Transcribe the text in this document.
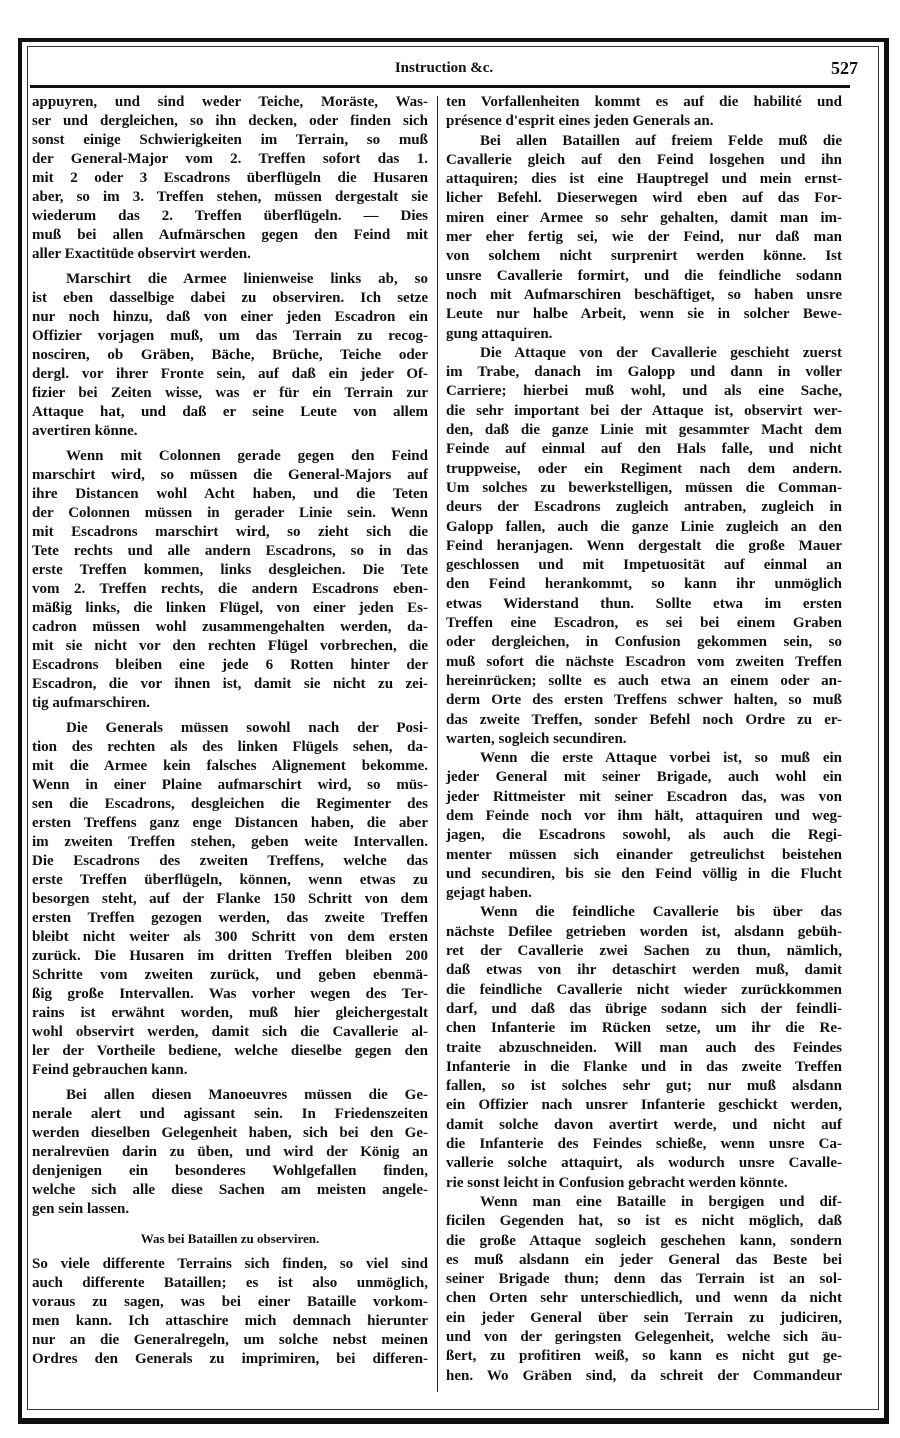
Instruction &c.	527
appuyren, und sind weder Teiche, Moräste, Was-
ser und dergleichen, so ihn decken, oder finden sich
sonst einige Schwierigkeiten im Terrain, so muß
der General-Major vom 2. Treffen sofort das 1.
mit 2 oder 3 Escadrons überflügeln die Husaren
aber, so im 3. Treffen stehen, müssen dergestalt sie
wiederum das 2. Treffen überflügeln. — Dies
muß bei allen Aufmärschen gegen den Feind mit
aller Exactitüde observirt werden.
Marschirt die Armee linienweise links ab, so
ist eben dasselbige dabei zu observiren. Ich setze
nur noch hinzu, daß von einer jeden Escadron ein
Offizier vorjagen muß, um das Terrain zu recog-
nosciren, ob Gräben, Bäche, Brüche, Teiche oder
dergl. vor ihrer Fronte sein, auf daß ein jeder Of-
fizier bei Zeiten wisse, was er für ein Terrain zur
Attaque hat, und daß er seine Leute von allem
avertiren könne.
Wenn mit Colonnen gerade gegen den Feind
marschirt wird, so müssen die General-Majors auf
ihre Distancen wohl Acht haben, und die Teten
der Colonnen müssen in gerader Linie sein. Wenn
mit Escadrons marschirt wird, so zieht sich die
Tete rechts und alle andern Escadrons, so in das
erste Treffen kommen, links desgleichen. Die Tete
vom 2. Treffen rechts, die andern Escadrons eben-
mäßig links, die linken Flügel, von einer jeden Es-
cadron müssen wohl zusammengehalten werden, da-
mit sie nicht vor den rechten Flügel vorbrechen, die
Escadrons bleiben eine jede 6 Rotten hinter der
Escadron, die vor ihnen ist, damit sie nicht zu zei-
tig aufmarschiren.
Die Generals müssen sowohl nach der Posi-
tion des rechten als des linken Flügels sehen, da-
mit die Armee kein falsches Alignement bekomme.
Wenn in einer Plaine aufmarschirt wird, so müs-
sen die Escadrons, desgleichen die Regimenter des
ersten Treffens ganz enge Distancen haben, die aber
im zweiten Treffen stehen, geben weite Intervallen.
Die Escadrons des zweiten Treffens, welche das
erste Treffen überflügeln, können, wenn etwas zu
besorgen steht, auf der Flanke 150 Schritt von dem
ersten Treffen gezogen werden, das zweite Treffen
bleibt nicht weiter als 300 Schritt von dem ersten
zurück. Die Husaren im dritten Treffen bleiben 200
Schritte vom zweiten zurück, und geben ebenmä-
ßig große Intervallen. Was vorher wegen des Ter-
rains ist erwähnt worden, muß hier gleichergestalt
wohl observirt werden, damit sich die Cavallerie al-
ler der Vortheile bediene, welche dieselbe gegen den
Feind gebrauchen kann.
Bei allen diesen Manoeuvres müssen die Ge-
nerale alert und agissant sein. In Friedenszeiten
werden dieselben Gelegenheit haben, sich bei den Ge-
neralrevüen darin zu üben, und wird der König an
denjenigen ein besonderes Wohlgefallen finden,
welche sich alle diese Sachen am meisten angele-
gen sein lassen.
Was bei Bataillen zu observiren.
So viele differente Terrains sich finden, so viel sind
auch differente Bataillen; es ist also unmöglich,
voraus zu sagen, was bei einer Bataille vorkom-
men kann. Ich attaschire mich demnach hierunter
nur an die Generalregeln, um solche nebst meinen
Ordres den Generals zu imprimiren, bei differen-
ten Vorfallenheiten kommt es auf die habilité und
présence d'esprit eines jeden Generals an.
Bei allen Bataillen auf freiem Felde muß die
Cavallerie gleich auf den Feind losgehen und ihn
attaquiren; dies ist eine Hauptregel und mein ernst-
licher Befehl. Dieserwegen wird eben auf das For-
miren einer Armee so sehr gehalten, damit man im-
mer eher fertig sei, wie der Feind, nur daß man
von solchem nicht surprenirt werden könne. Ist
unsre Cavallerie formirt, und die feindliche sodann
noch mit Aufmarschiren beschäftiget, so haben unsre
Leute nur halbe Arbeit, wenn sie in solcher Bewe-
gung attaquiren.
Die Attaque von der Cavallerie geschieht zuerst
im Trabe, danach im Galopp und dann in voller
Carriere; hierbei muß wohl, und als eine Sache,
die sehr important bei der Attaque ist, observirt wer-
den, daß die ganze Linie mit gesammter Macht dem
Feinde auf einmal auf den Hals falle, und nicht
truppweise, oder ein Regiment nach dem andern.
Um solches zu bewerkstelligen, müssen die Comman-
deurs der Escadrons zugleich antraben, zugleich in
Galopp fallen, auch die ganze Linie zugleich an den
Feind heranjagen. Wenn dergestalt die große Mauer
geschlossen und mit Impetuosität auf einmal an
den Feind herankommt, so kann ihr unmöglich
etwas Widerstand thun. Sollte etwa im ersten
Treffen eine Escadron, es sei bei einem Graben
oder dergleichen, in Confusion gekommen sein, so
muß sofort die nächste Escadron vom zweiten Treffen
hereinrücken; sollte es auch etwa an einem oder an-
derm Orte des ersten Treffens schwer halten, so muß
das zweite Treffen, sonder Befehl noch Ordre zu er-
warten, sogleich secundiren.
Wenn die erste Attaque vorbei ist, so muß ein
jeder General mit seiner Brigade, auch wohl ein
jeder Rittmeister mit seiner Escadron das, was von
dem Feinde noch vor ihm hält, attaquiren und weg-
jagen, die Escadrons sowohl, als auch die Regi-
menter müssen sich einander getreulichst beistehen
und secundiren, bis sie den Feind völlig in die Flucht
gejagt haben.
Wenn die feindliche Cavallerie bis über das
nächste Defilee getrieben worden ist, alsdann gebüh-
ret der Cavallerie zwei Sachen zu thun, nämlich,
daß etwas von ihr detaschirt werden muß, damit
die feindliche Cavallerie nicht wieder zurückkommen
darf, und daß das übrige sodann sich der feindli-
chen Infanterie im Rücken setze, um ihr die Re-
traite abzuschneiden. Will man auch des Feindes
Infanterie in die Flanke und in das zweite Treffen
fallen, so ist solches sehr gut; nur muß alsdann
ein Offizier nach unsrer Infanterie geschickt werden,
damit solche davon avertirt werde, und nicht auf
die Infanterie des Feindes schieße, wenn unsre Ca-
vallerie solche attaquirt, als wodurch unsre Cavalle-
rie sonst leicht in Confusion gebracht werden könnte.
Wenn man eine Bataille in bergigen und dif-
ficilen Gegenden hat, so ist es nicht möglich, daß
die große Attaque sogleich geschehen kann, sondern
es muß alsdann ein jeder General das Beste bei
seiner Brigade thun; denn das Terrain ist an sol-
chen Orten sehr unterschiedlich, und wenn da nicht
ein jeder General über sein Terrain zu judiciren,
und von der geringsten Gelegenheit, welche sich äu-
ßert, zu profitiren weiß, so kann es nicht gut ge-
hen. Wo Gräben sind, da schreit der Commandeur
